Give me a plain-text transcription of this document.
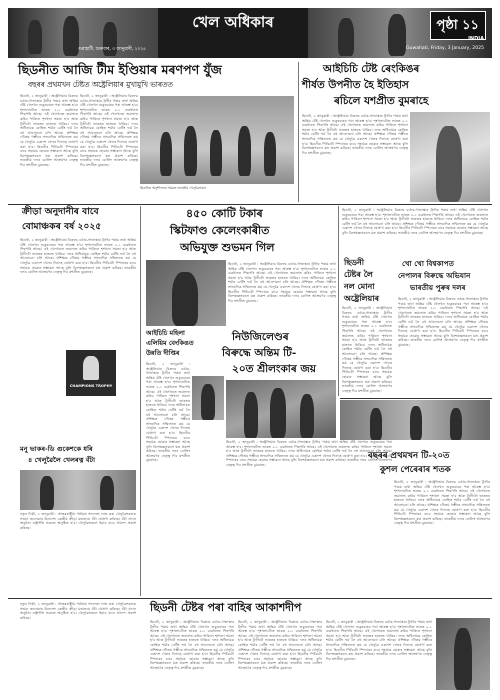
খেল অধিকাৰ
গুৱাহাটী, শুক্ৰবাৰ, ৩ জানুৱাৰী, ২০২৫
পৃষ্ঠা ১১
INDIA
Guwahati, Friday, 3 January, 2025
ছিডনীত আজি টীম ইণ্ডিয়াৰ মৰণপণ যুঁজ
বছৰৰ প্ৰথমখন টেষ্টত অষ্ট্ৰেলিয়াৰ মুখামুখি ভাৰতত
আইচিচি টেষ্ট ৰেংকিঙৰ
শীৰ্ষত উপনীত হৈ ইতিহাস
ৰচিলে যশপ্ৰীত বুমৰাহে
ছিডনী, ২ জানুৱাৰী : অষ্ট্ৰেলিয়াৰ বিৰুদ্ধে বৰ্ডাৰ-গাভাস্কাৰ ট্ৰফীৰ পঞ্চম তথা অন্তিম টেষ্ট খেলখন শুকুৰবাৰৰ পৰা আৰম্ভ হ'ব। শৃংখলাটোত ভাৰত ২-১ ব্যৱধানত পিছপৰি আছে। এই খেলখনত জয়লাভ কৰিব পাৰিলে শৃংখলা সমতা হ'ব আৰু ট্ৰফীটো ভাৰতৰ হাততে থাকিব। দলৰ অধিনায়ক ৰোহিত শৰ্মাৰ বেটিং ফৰ্ম লৈ বহু আলোচনা চলি আছে। প্ৰশিক্ষক গৌতম গম্ভীৰে সাংবাদিক সন্মিলনত কয় যে খেলুৱৈ একাদশ খেলৰ দিনাহে ঘোষণা কৰা হ'ব। ছিডনীৰ পিটচটো স্পিনাৰৰ বাবে সহায়ক হোৱাৰ সম্ভাৱনা আছে বুলি বিশেষজ্ঞসকলে মত প্ৰকাশ কৰিছে। ভাৰতীয় দলৰ বোলিং আক্ৰমণৰ নেতৃত্ব দিব যশপ্ৰীত বুমৰাহে।
ছিডনী, ২ জানুৱাৰী : অষ্ট্ৰেলিয়াৰ বিৰুদ্ধে বৰ্ডাৰ-গাভাস্কাৰ ট্ৰফীৰ পঞ্চম তথা অন্তিম টেষ্ট খেলখন শুকুৰবাৰৰ পৰা আৰম্ভ হ'ব। শৃংখলাটোত ভাৰত ২-১ ব্যৱধানত পিছপৰি আছে। এই খেলখনত জয়লাভ কৰিব পাৰিলে শৃংখলা সমতা হ'ব আৰু ট্ৰফীটো ভাৰতৰ হাততে থাকিব। দলৰ অধিনায়ক ৰোহিত শৰ্মাৰ বেটিং ফৰ্ম লৈ বহু আলোচনা চলি আছে। প্ৰশিক্ষক গৌতম গম্ভীৰে সাংবাদিক সন্মিলনত কয় যে খেলুৱৈ একাদশ খেলৰ দিনাহে ঘোষণা কৰা হ'ব। ছিডনীৰ পিটচটো স্পিনাৰৰ বাবে সহায়ক হোৱাৰ সম্ভাৱনা আছে বুলি বিশেষজ্ঞসকলে মত প্ৰকাশ কৰিছে। ভাৰতীয় দলৰ বোলিং আক্ৰমণৰ নেতৃত্ব দিব যশপ্ৰীত বুমৰাহে।
ছিডনীত অনুশীলনৰ সময়ত ভাৰতীয় খেলুৱৈসকল
ছিডনী, ২ জানুৱাৰী : অষ্ট্ৰেলিয়াৰ বিৰুদ্ধে বৰ্ডাৰ-গাভাস্কাৰ ট্ৰফীৰ পঞ্চম তথা অন্তিম টেষ্ট খেলখন শুকুৰবাৰৰ পৰা আৰম্ভ হ'ব। শৃংখলাটোত ভাৰত ২-১ ব্যৱধানত পিছপৰি আছে। এই খেলখনত জয়লাভ কৰিব পাৰিলে শৃংখলা সমতা হ'ব আৰু ট্ৰফীটো ভাৰতৰ হাততে থাকিব। দলৰ অধিনায়ক ৰোহিত শৰ্মাৰ বেটিং ফৰ্ম লৈ বহু আলোচনা চলি আছে। প্ৰশিক্ষক গৌতম গম্ভীৰে সাংবাদিক সন্মিলনত কয় যে খেলুৱৈ একাদশ খেলৰ দিনাহে ঘোষণা কৰা হ'ব। ছিডনীৰ পিটচটো স্পিনাৰৰ বাবে সহায়ক হোৱাৰ সম্ভাৱনা আছে বুলি বিশেষজ্ঞসকলে মত প্ৰকাশ কৰিছে। ভাৰতীয় দলৰ বোলিং আক্ৰমণৰ নেতৃত্ব দিব যশপ্ৰীত বুমৰাহে।
ক্ৰীড়া অনুদানীৰ বাবে
বোমাঞ্চকৰ বৰ্ষ ২০২৫
ছিডনী, ২ জানুৱাৰী : অষ্ট্ৰেলিয়াৰ বিৰুদ্ধে বৰ্ডাৰ-গাভাস্কাৰ ট্ৰফীৰ পঞ্চম তথা অন্তিম টেষ্ট খেলখন শুকুৰবাৰৰ পৰা আৰম্ভ হ'ব। শৃংখলাটোত ভাৰত ২-১ ব্যৱধানত পিছপৰি আছে। এই খেলখনত জয়লাভ কৰিব পাৰিলে শৃংখলা সমতা হ'ব আৰু ট্ৰফীটো ভাৰতৰ হাততে থাকিব। দলৰ অধিনায়ক ৰোহিত শৰ্মাৰ বেটিং ফৰ্ম লৈ বহু আলোচনা চলি আছে। প্ৰশিক্ষক গৌতম গম্ভীৰে সাংবাদিক সন্মিলনত কয় যে খেলুৱৈ একাদশ খেলৰ দিনাহে ঘোষণা কৰা হ'ব। ছিডনীৰ পিটচটো স্পিনাৰৰ বাবে সহায়ক হোৱাৰ সম্ভাৱনা আছে বুলি বিশেষজ্ঞসকলে মত প্ৰকাশ কৰিছে। ভাৰতীয় দলৰ বোলিং আক্ৰমণৰ নেতৃত্ব দিব যশপ্ৰীত বুমৰাহে।
CHAMPIONS TROPHY
৪৫০ কোটি টকাৰ
স্কিটফাণ্ড কেলেংকাৰীত
অভিযুক্ত শুভমন গিল
ছিডনী, ২ জানুৱাৰী : অষ্ট্ৰেলিয়াৰ বিৰুদ্ধে বৰ্ডাৰ-গাভাস্কাৰ ট্ৰফীৰ পঞ্চম তথা অন্তিম টেষ্ট খেলখন শুকুৰবাৰৰ পৰা আৰম্ভ হ'ব। শৃংখলাটোত ভাৰত ২-১ ব্যৱধানত পিছপৰি আছে। এই খেলখনত জয়লাভ কৰিব পাৰিলে শৃংখলা সমতা হ'ব আৰু ট্ৰফীটো ভাৰতৰ হাততে থাকিব। দলৰ অধিনায়ক ৰোহিত শৰ্মাৰ বেটিং ফৰ্ম লৈ বহু আলোচনা চলি আছে। প্ৰশিক্ষক গৌতম গম্ভীৰে সাংবাদিক সন্মিলনত কয় যে খেলুৱৈ একাদশ খেলৰ দিনাহে ঘোষণা কৰা হ'ব। ছিডনীৰ পিটচটো স্পিনাৰৰ বাবে সহায়ক হোৱাৰ সম্ভাৱনা আছে বুলি বিশেষজ্ঞসকলে মত প্ৰকাশ কৰিছে। ভাৰতীয় দলৰ বোলিং আক্ৰমণৰ নেতৃত্ব দিব যশপ্ৰীত বুমৰাহে।
ছিডনী, ২ জানুৱাৰী : অষ্ট্ৰেলিয়াৰ বিৰুদ্ধে বৰ্ডাৰ-গাভাস্কাৰ ট্ৰফীৰ পঞ্চম তথা অন্তিম টেষ্ট খেলখন শুকুৰবাৰৰ পৰা আৰম্ভ হ'ব। শৃংখলাটোত ভাৰত ২-১ ব্যৱধানত পিছপৰি আছে। এই খেলখনত জয়লাভ কৰিব পাৰিলে শৃংখলা সমতা হ'ব আৰু ট্ৰফীটো ভাৰতৰ হাততে থাকিব। দলৰ অধিনায়ক ৰোহিত শৰ্মাৰ বেটিং ফৰ্ম লৈ বহু আলোচনা চলি আছে। প্ৰশিক্ষক গৌতম গম্ভীৰে সাংবাদিক সন্মিলনত কয় যে খেলুৱৈ একাদশ খেলৰ দিনাহে ঘোষণা কৰা হ'ব। ছিডনীৰ পিটচটো স্পিনাৰৰ বাবে সহায়ক হোৱাৰ সম্ভাৱনা আছে বুলি বিশেষজ্ঞসকলে মত প্ৰকাশ কৰিছে। ভাৰতীয় দলৰ বোলিং আক্ৰমণৰ নেতৃত্ব দিব যশপ্ৰীত বুমৰাহে।
ছিডনী
টেষ্টৰ লৈ
নল মোনা
অষ্ট্ৰেলিয়াৰ
ছিডনী, ২ জানুৱাৰী : অষ্ট্ৰেলিয়াৰ বিৰুদ্ধে বৰ্ডাৰ-গাভাস্কাৰ ট্ৰফীৰ পঞ্চম তথা অন্তিম টেষ্ট খেলখন শুকুৰবাৰৰ পৰা আৰম্ভ হ'ব। শৃংখলাটোত ভাৰত ২-১ ব্যৱধানত পিছপৰি আছে। এই খেলখনত জয়লাভ কৰিব পাৰিলে শৃংখলা সমতা হ'ব আৰু ট্ৰফীটো ভাৰতৰ হাততে থাকিব। দলৰ অধিনায়ক ৰোহিত শৰ্মাৰ বেটিং ফৰ্ম লৈ বহু আলোচনা চলি আছে। প্ৰশিক্ষক গৌতম গম্ভীৰে সাংবাদিক সন্মিলনত কয় যে খেলুৱৈ একাদশ খেলৰ দিনাহে ঘোষণা কৰা হ'ব। ছিডনীৰ পিটচটো স্পিনাৰৰ বাবে সহায়ক হোৱাৰ সম্ভাৱনা আছে বুলি বিশেষজ্ঞসকলে মত প্ৰকাশ কৰিছে। ভাৰতীয় দলৰ বোলিং আক্ৰমণৰ নেতৃত্ব দিব যশপ্ৰীত বুমৰাহে।
খো খো বিশ্বকাপত
নেপালৰ বিৰুদ্ধে অভিযান
ভাৰতীয় পুৰুষ দলৰ
ছিডনী, ২ জানুৱাৰী : অষ্ট্ৰেলিয়াৰ বিৰুদ্ধে বৰ্ডাৰ-গাভাস্কাৰ ট্ৰফীৰ পঞ্চম তথা অন্তিম টেষ্ট খেলখন শুকুৰবাৰৰ পৰা আৰম্ভ হ'ব। শৃংখলাটোত ভাৰত ২-১ ব্যৱধানত পিছপৰি আছে। এই খেলখনত জয়লাভ কৰিব পাৰিলে শৃংখলা সমতা হ'ব আৰু ট্ৰফীটো ভাৰতৰ হাততে থাকিব। দলৰ অধিনায়ক ৰোহিত শৰ্মাৰ বেটিং ফৰ্ম লৈ বহু আলোচনা চলি আছে। প্ৰশিক্ষক গৌতম গম্ভীৰে সাংবাদিক সন্মিলনত কয় যে খেলুৱৈ একাদশ খেলৰ দিনাহে ঘোষণা কৰা হ'ব। ছিডনীৰ পিটচটো স্পিনাৰৰ বাবে সহায়ক হোৱাৰ সম্ভাৱনা আছে বুলি বিশেষজ্ঞসকলে মত প্ৰকাশ কৰিছে। ভাৰতীয় দলৰ বোলিং আক্ৰমণৰ নেতৃত্ব দিব যশপ্ৰীত বুমৰাহে।
আইচিচি মহিলা
এলিয়িম বেংকিঙত
উন্নতি দীপ্তিৰ
নিউজিলেণ্ডৰ
বিৰুদ্ধে অন্তিম টি-
২০ত শ্ৰীলংকাৰ জয়
ছিডনী, ২ জানুৱাৰী : অষ্ট্ৰেলিয়াৰ বিৰুদ্ধে বৰ্ডাৰ-গাভাস্কাৰ ট্ৰফীৰ পঞ্চম তথা অন্তিম টেষ্ট খেলখন শুকুৰবাৰৰ পৰা আৰম্ভ হ'ব। শৃংখলাটোত ভাৰত ২-১ ব্যৱধানত পিছপৰি আছে। এই খেলখনত জয়লাভ কৰিব পাৰিলে শৃংখলা সমতা হ'ব আৰু ট্ৰফীটো ভাৰতৰ হাততে থাকিব। দলৰ অধিনায়ক ৰোহিত শৰ্মাৰ বেটিং ফৰ্ম লৈ বহু আলোচনা চলি আছে। প্ৰশিক্ষক গৌতম গম্ভীৰে সাংবাদিক সন্মিলনত কয় যে খেলুৱৈ একাদশ খেলৰ দিনাহে ঘোষণা কৰা হ'ব। ছিডনীৰ পিটচটো স্পিনাৰৰ বাবে সহায়ক হোৱাৰ সম্ভাৱনা আছে বুলি বিশেষজ্ঞসকলে মত প্ৰকাশ কৰিছে। ভাৰতীয় দলৰ বোলিং আক্ৰমণৰ নেতৃত্ব দিব যশপ্ৰীত বুমৰাহে।
ছিডনী, ২ জানুৱাৰী : অষ্ট্ৰেলিয়াৰ বিৰুদ্ধে বৰ্ডাৰ-গাভাস্কাৰ ট্ৰফীৰ পঞ্চম তথা অন্তিম টেষ্ট খেলখন শুকুৰবাৰৰ পৰা আৰম্ভ হ'ব। শৃংখলাটোত ভাৰত ২-১ ব্যৱধানত পিছপৰি আছে। এই খেলখনত জয়লাভ কৰিব পাৰিলে শৃংখলা সমতা হ'ব আৰু ট্ৰফীটো ভাৰতৰ হাততে থাকিব। দলৰ অধিনায়ক ৰোহিত শৰ্মাৰ বেটিং ফৰ্ম লৈ বহু আলোচনা চলি আছে। প্ৰশিক্ষক গৌতম গম্ভীৰে সাংবাদিক সন্মিলনত কয় যে খেলুৱৈ একাদশ খেলৰ দিনাহে ঘোষণা কৰা হ'ব। ছিডনীৰ পিটচটো স্পিনাৰৰ বাবে সহায়ক হোৱাৰ সম্ভাৱনা আছে বুলি বিশেষজ্ঞসকলে মত প্ৰকাশ কৰিছে। ভাৰতীয় দলৰ বোলিং আক্ৰমণৰ নেতৃত্ব দিব যশপ্ৰীত বুমৰাহে।
বছৰৰ প্ৰথমখন টি-২০ত
কুশল পেৰেৰাৰ শতক
ছিডনী, ২ জানুৱাৰী : অষ্ট্ৰেলিয়াৰ বিৰুদ্ধে বৰ্ডাৰ-গাভাস্কাৰ ট্ৰফীৰ পঞ্চম তথা অন্তিম টেষ্ট খেলখন শুকুৰবাৰৰ পৰা আৰম্ভ হ'ব। শৃংখলাটোত ভাৰত ২-১ ব্যৱধানত পিছপৰি আছে। এই খেলখনত জয়লাভ কৰিব পাৰিলে শৃংখলা সমতা হ'ব আৰু ট্ৰফীটো ভাৰতৰ হাততে থাকিব। দলৰ অধিনায়ক ৰোহিত শৰ্মাৰ বেটিং ফৰ্ম লৈ বহু আলোচনা চলি আছে। প্ৰশিক্ষক গৌতম গম্ভীৰে সাংবাদিক সন্মিলনত কয় যে খেলুৱৈ একাদশ খেলৰ দিনাহে ঘোষণা কৰা হ'ব। ছিডনীৰ পিটচটো স্পিনাৰৰ বাবে সহায়ক হোৱাৰ সম্ভাৱনা আছে বুলি বিশেষজ্ঞসকলে মত প্ৰকাশ কৰিছে। ভাৰতীয় দলৰ বোলিং আক্ৰমণৰ নেতৃত্ব দিব যশপ্ৰীত বুমৰাহে।
মনু ভাকৰ-ডি গুকেশকে ধৰি
৪ খেলুৱৈলৈ খেলৰত্ন বঁটা
নতুন দিল্লী, ২ জানুৱাৰী : আন্তঃৰাষ্ট্ৰীয় পৰ্যায়ত সফলতা লাভ কৰা খেলুৱৈসকলক সন্মান জনোৱাৰ উদ্দেশ্যে কেন্দ্ৰীয় ক্ৰীড়া মন্ত্ৰালয়ে বঁটা ঘোষণা কৰিছে। বঁটা প্ৰদান অনুষ্ঠান ৰাষ্ট্ৰপতি ভৱনত অনুষ্ঠিত হ'ব। খেলুৱৈসকলে ইয়াৰ বাবে আনন্দ প্ৰকাশ কৰিছে।
ছিডনী টেষ্টৰ পৰা বাহিৰ আকাশদীপ
ছিডনী, ২ জানুৱাৰী : অষ্ট্ৰেলিয়াৰ বিৰুদ্ধে বৰ্ডাৰ-গাভাস্কাৰ ট্ৰফীৰ পঞ্চম তথা অন্তিম টেষ্ট খেলখন শুকুৰবাৰৰ পৰা আৰম্ভ হ'ব। শৃংখলাটোত ভাৰত ২-১ ব্যৱধানত পিছপৰি আছে। এই খেলখনত জয়লাভ কৰিব পাৰিলে শৃংখলা সমতা হ'ব আৰু ট্ৰফীটো ভাৰতৰ হাততে থাকিব। দলৰ অধিনায়ক ৰোহিত শৰ্মাৰ বেটিং ফৰ্ম লৈ বহু আলোচনা চলি আছে। প্ৰশিক্ষক গৌতম গম্ভীৰে সাংবাদিক সন্মিলনত কয় যে খেলুৱৈ একাদশ খেলৰ দিনাহে ঘোষণা কৰা হ'ব। ছিডনীৰ পিটচটো স্পিনাৰৰ বাবে সহায়ক হোৱাৰ সম্ভাৱনা আছে বুলি বিশেষজ্ঞসকলে মত প্ৰকাশ কৰিছে। ভাৰতীয় দলৰ বোলিং আক্ৰমণৰ নেতৃত্ব দিব যশপ্ৰীত বুমৰাহে।
ছিডনী, ২ জানুৱাৰী : অষ্ট্ৰেলিয়াৰ বিৰুদ্ধে বৰ্ডাৰ-গাভাস্কাৰ ট্ৰফীৰ পঞ্চম তথা অন্তিম টেষ্ট খেলখন শুকুৰবাৰৰ পৰা আৰম্ভ হ'ব। শৃংখলাটোত ভাৰত ২-১ ব্যৱধানত পিছপৰি আছে। এই খেলখনত জয়লাভ কৰিব পাৰিলে শৃংখলা সমতা হ'ব আৰু ট্ৰফীটো ভাৰতৰ হাততে থাকিব। দলৰ অধিনায়ক ৰোহিত শৰ্মাৰ বেটিং ফৰ্ম লৈ বহু আলোচনা চলি আছে। প্ৰশিক্ষক গৌতম গম্ভীৰে সাংবাদিক সন্মিলনত কয় যে খেলুৱৈ একাদশ খেলৰ দিনাহে ঘোষণা কৰা হ'ব। ছিডনীৰ পিটচটো স্পিনাৰৰ বাবে সহায়ক হোৱাৰ সম্ভাৱনা আছে বুলি বিশেষজ্ঞসকলে মত প্ৰকাশ কৰিছে। ভাৰতীয় দলৰ বোলিং আক্ৰমণৰ নেতৃত্ব দিব যশপ্ৰীত বুমৰাহে।
ছিডনী, ২ জানুৱাৰী : অষ্ট্ৰেলিয়াৰ বিৰুদ্ধে বৰ্ডাৰ-গাভাস্কাৰ ট্ৰফীৰ পঞ্চম তথা অন্তিম টেষ্ট খেলখন শুকুৰবাৰৰ পৰা আৰম্ভ হ'ব। শৃংখলাটোত ভাৰত ২-১ ব্যৱধানত পিছপৰি আছে। এই খেলখনত জয়লাভ কৰিব পাৰিলে শৃংখলা সমতা হ'ব আৰু ট্ৰফীটো ভাৰতৰ হাততে থাকিব। দলৰ অধিনায়ক ৰোহিত শৰ্মাৰ বেটিং ফৰ্ম লৈ বহু আলোচনা চলি আছে। প্ৰশিক্ষক গৌতম গম্ভীৰে সাংবাদিক সন্মিলনত কয় যে খেলুৱৈ একাদশ খেলৰ দিনাহে ঘোষণা কৰা হ'ব। ছিডনীৰ পিটচটো স্পিনাৰৰ বাবে সহায়ক হোৱাৰ সম্ভাৱনা আছে বুলি বিশেষজ্ঞসকলে মত প্ৰকাশ কৰিছে। ভাৰতীয় দলৰ বোলিং আক্ৰমণৰ নেতৃত্ব দিব যশপ্ৰীত বুমৰাহে।
নতুন দিল্লী, ২ জানুৱাৰী : আন্তঃৰাষ্ট্ৰীয় পৰ্যায়ত সফলতা লাভ কৰা খেলুৱৈসকলক সন্মান জনোৱাৰ উদ্দেশ্যে কেন্দ্ৰীয় ক্ৰীড়া মন্ত্ৰালয়ে বঁটা ঘোষণা কৰিছে। বঁটা প্ৰদান অনুষ্ঠান ৰাষ্ট্ৰপতি ভৱনত অনুষ্ঠিত হ'ব। খেলুৱৈসকলে ইয়াৰ বাবে আনন্দ প্ৰকাশ কৰিছে।
